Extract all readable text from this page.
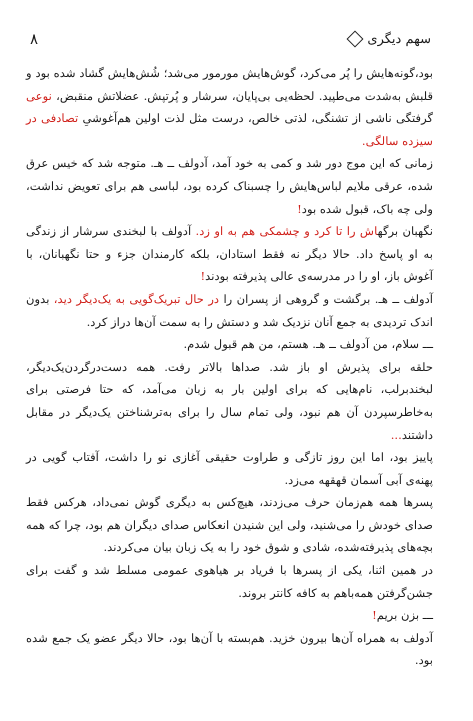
سهم دیگری
۸

بود،گونه‌هایش را پُر می‌کرد، گوش‌هایش مورمور می‌شد؛ شُش‌هایش گشاد شده بود و قلبش به‌شدت می‌طپید. لحظه‌یی بی‌پایان، سرشار و پُرتپش. عضلاتش منقبض، نوعی گرفتگی ناشی از تشنگی، لذتی خالص، درست مثل لذت اولین هم‌آغوشیِ تصادفی در سیزده سالگی.

زمانی که این موج دور شد و کمی به خود آمد، آدولف ــ هـ. متوجه شد که خیس عرق شده، عرقی ملایم لباس‌هایش را چسبناک کرده بود، لباسی هم برای تعویض نداشت، ولی چه باک، قبول شده بود!

نگهبان برگهاش را تا کرد و چشمکی هم به او زد. آدولف با لبخندی سرشار از زندگی به او پاسخ داد. حالا دیگر نه فقط استادان، بلکه کارمندان جزء و حتا نگهبانان، با آغوش باز، او را در مدرسه‌ی عالی پذیرفته بودند!

آدولف ــ هـ. برگشت و گروهی از پسران را در حال تبریک‌گویی به یک‌دیگر دید، بدون اندک تردیدی به جمع آنان نزدیک شد و دستش را به سمت آن‌ها دراز کرد.

ـــ سلام، من آدولف ــ هـ. هستم، من هم قبول شدم.

حلقه برای پذیرش او باز شد. صداها بالاتر رفت. همه دست‌درگردن‌یک‌دیگر، لبخندبرلب، نام‌هایی که برای اولین بار به زبان می‌آمد، که حتا فرصتی برای به‌خاطرسپردن آن هم نبود، ولی تمام سال را برای به‌ترشناختن یک‌دیگر در مقابل داشتند...

پاییز بود، اما این روز تازگی و طراوت حقیقی آغازی نو را داشت، آفتاب گویی در پهنه‌ی آبی آسمان قهقهه می‌زد.

پسرها همه هم‌زمان حرف می‌زدند، هیچ‌کس به دیگری گوش نمی‌داد، هرکس فقط صدای خودش را می‌شنید، ولی این شنیدن انعکاس صدای دیگران هم بود، چرا که همه بچه‌های پذیرفته‌شده، شادی و شوق خود را به یک زبان بیان می‌کردند.

در همین اثنا، یکی از پسرها با فریاد بر هیاهوی عمومی مسلط شد و گفت برای جشن‌گرفتن همه‌باهم به کافه کانتر بروند.

ـــ بزن بریم!

آدولف به همراه آن‌ها بیرون خزید. هم‌بسته با آن‌ها بود، حالا دیگر عضو یک جمع شده بود.
